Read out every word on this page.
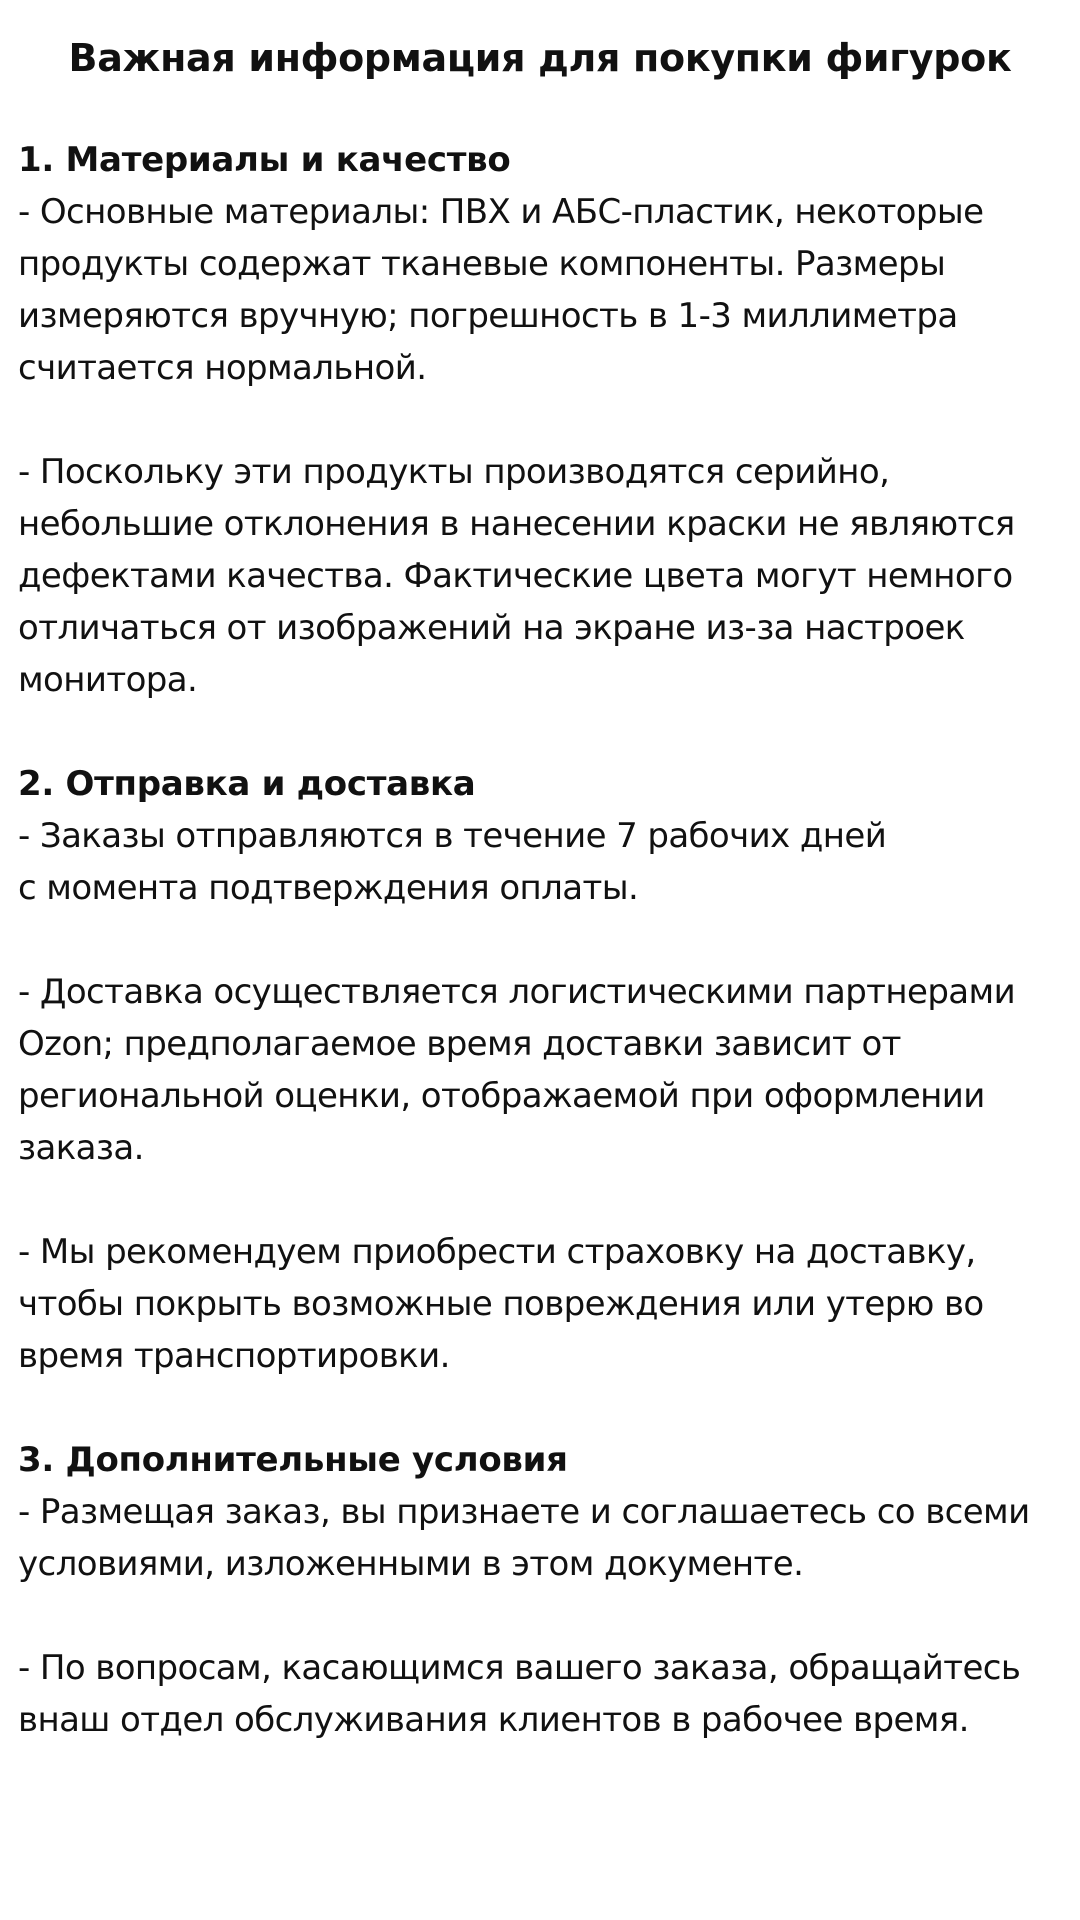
Важная информация для покупки фигурок
1. Материалы и качество

- Основные материалы: ПВХ и АБС-пластик, некоторые
продукты содержат тканевые компоненты. Размеры
измеряются вручную; погрешность в 1-3 миллиметра
считается нормальной.

- Поскольку эти продукты производятся серийно,
небольшие отклонения в нанесении краски не являются
дефектами качества. Фактические цвета могут немного
отличаться от изображений на экране из-за настроек
монитора.

2. Отправка и доставка

- Заказы отправляются в течение 7 рабочих дней
с момента подтверждения оплаты.

- Доставка осуществляется логистическими партнерами
Ozon; предполагаемое время доставки зависит от
региональной оценки, отображаемой при оформлении
заказа.

- Мы рекомендуем приобрести страховку на доставку,
чтобы покрыть возможные повреждения или утерю во
время транспортировки.

3. Дополнительные условия

- Размещая заказ, вы признаете и соглашаетесь со всеми
условиями, изложенными в этом документе.

- По вопросам, касающимся вашего заказа, обращайтесь
внаш отдел обслуживания клиентов в рабочее время.
